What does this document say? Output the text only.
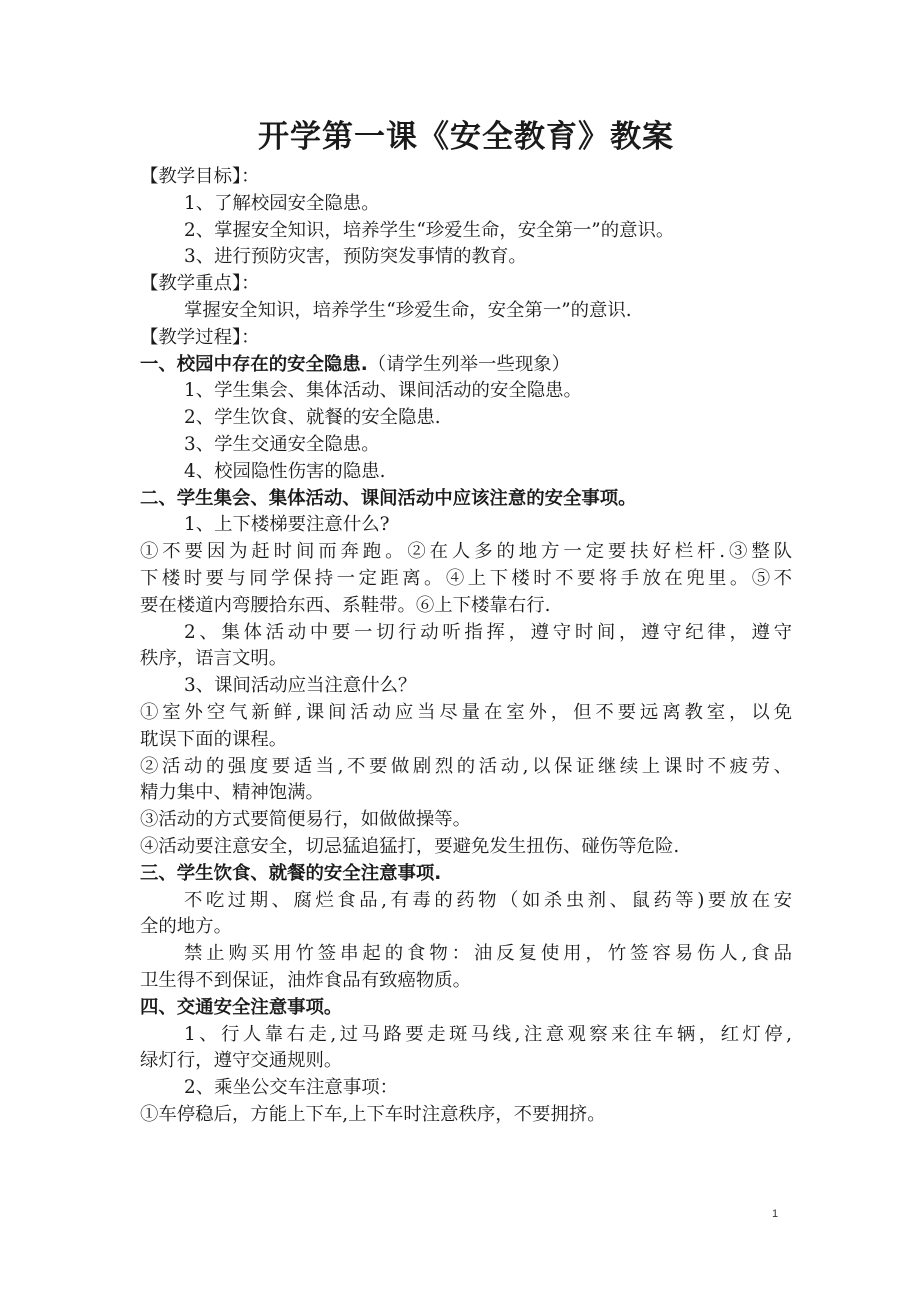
开学第一课《安全教育》教案
【教学目标】：
1、了解校园安全隐患。
2、掌握安全知识，培养学生“珍爱生命，安全第一”的意识。
3、进行预防灾害，预防突发事情的教育。
【教学重点】：
掌握安全知识，培养学生“珍爱生命，安全第一”的意识.
【教学过程】：
一、校园中存在的安全隐患.（请学生列举一些现象）
1、学生集会、集体活动、课间活动的安全隐患。
2、学生饮食、就餐的安全隐患.
3、学生交通安全隐患。
4、校园隐性伤害的隐患.
二、学生集会、集体活动、课间活动中应该注意的安全事项。
1、上下楼梯要注意什么?
①不要因为赶时间而奔跑。②在人多的地方一定要扶好栏杆.③整队
下楼时要与同学保持一定距离。④上下楼时不要将手放在兜里。⑤不
要在楼道内弯腰拾东西、系鞋带。⑥上下楼靠右行.
2、集体活动中要一切行动听指挥，遵守时间，遵守纪律，遵守
秩序，语言文明。
3、课间活动应当注意什么？
①室外空气新鲜,课间活动应当尽量在室外，但不要远离教室，以免
耽误下面的课程。
②活动的强度要适当,不要做剧烈的活动,以保证继续上课时不疲劳、
精力集中、精神饱满。
③活动的方式要简便易行，如做做操等。
④活动要注意安全，切忌猛追猛打，要避免发生扭伤、碰伤等危险.
三、学生饮食、就餐的安全注意事项.
不吃过期、腐烂食品,有毒的药物（如杀虫剂、鼠药等)要放在安
全的地方。
禁止购买用竹签串起的食物：油反复使用，竹签容易伤人,食品
卫生得不到保证，油炸食品有致癌物质。
四、交通安全注意事项。
1、行人靠右走,过马路要走斑马线,注意观察来往车辆，红灯停,
绿灯行，遵守交通规则。
2、乘坐公交车注意事项：
①车停稳后，方能上下车,上下车时注意秩序，不要拥挤。
1
